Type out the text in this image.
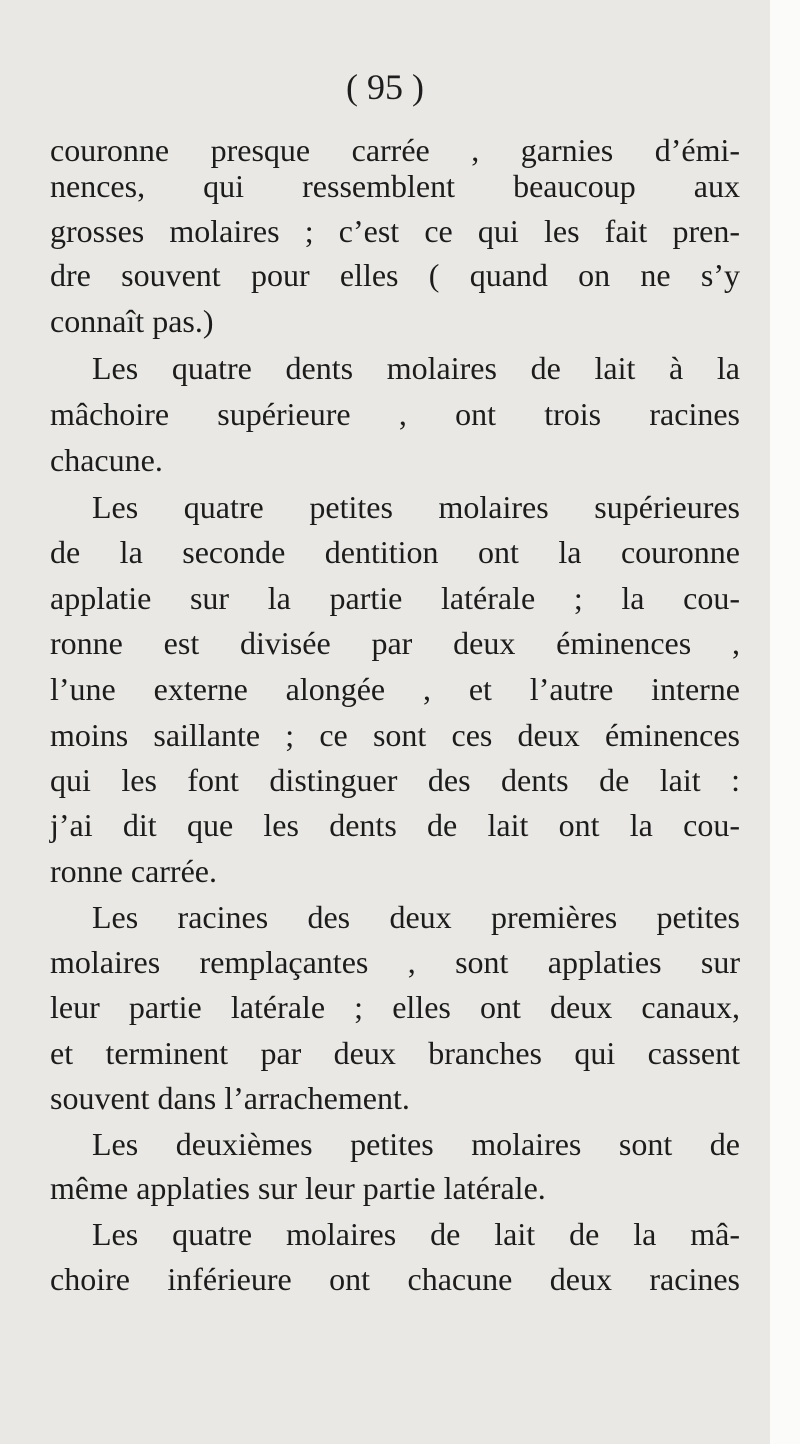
( 95 )

couronne presque carrée , garnies d’émi-

nences, qui ressemblent beaucoup aux

grosses molaires ; c’est ce qui les fait pren-

dre souvent pour elles ( quand on ne s’y

connaît pas.)

Les quatre dents molaires de lait à la

mâchoire supérieure , ont trois racines

chacune.

Les quatre petites molaires supérieures

de la seconde dentition ont la couronne

applatie sur la partie latérale ; la cou-

ronne est divisée par deux éminences ,

l’une externe alongée , et l’autre interne

moins saillante ; ce sont ces deux éminences

qui les font distinguer des dents de lait :

j’ai dit que les dents de lait ont la cou-

ronne carrée.

Les racines des deux premières petites

molaires remplaçantes , sont applaties sur

leur partie latérale ; elles ont deux canaux,

et terminent par deux branches qui cassent

souvent dans l’arrachement.

Les deuxièmes petites molaires sont de

même applaties sur leur partie latérale.

Les quatre molaires de lait de la mâ-

choire inférieure ont chacune deux racines
